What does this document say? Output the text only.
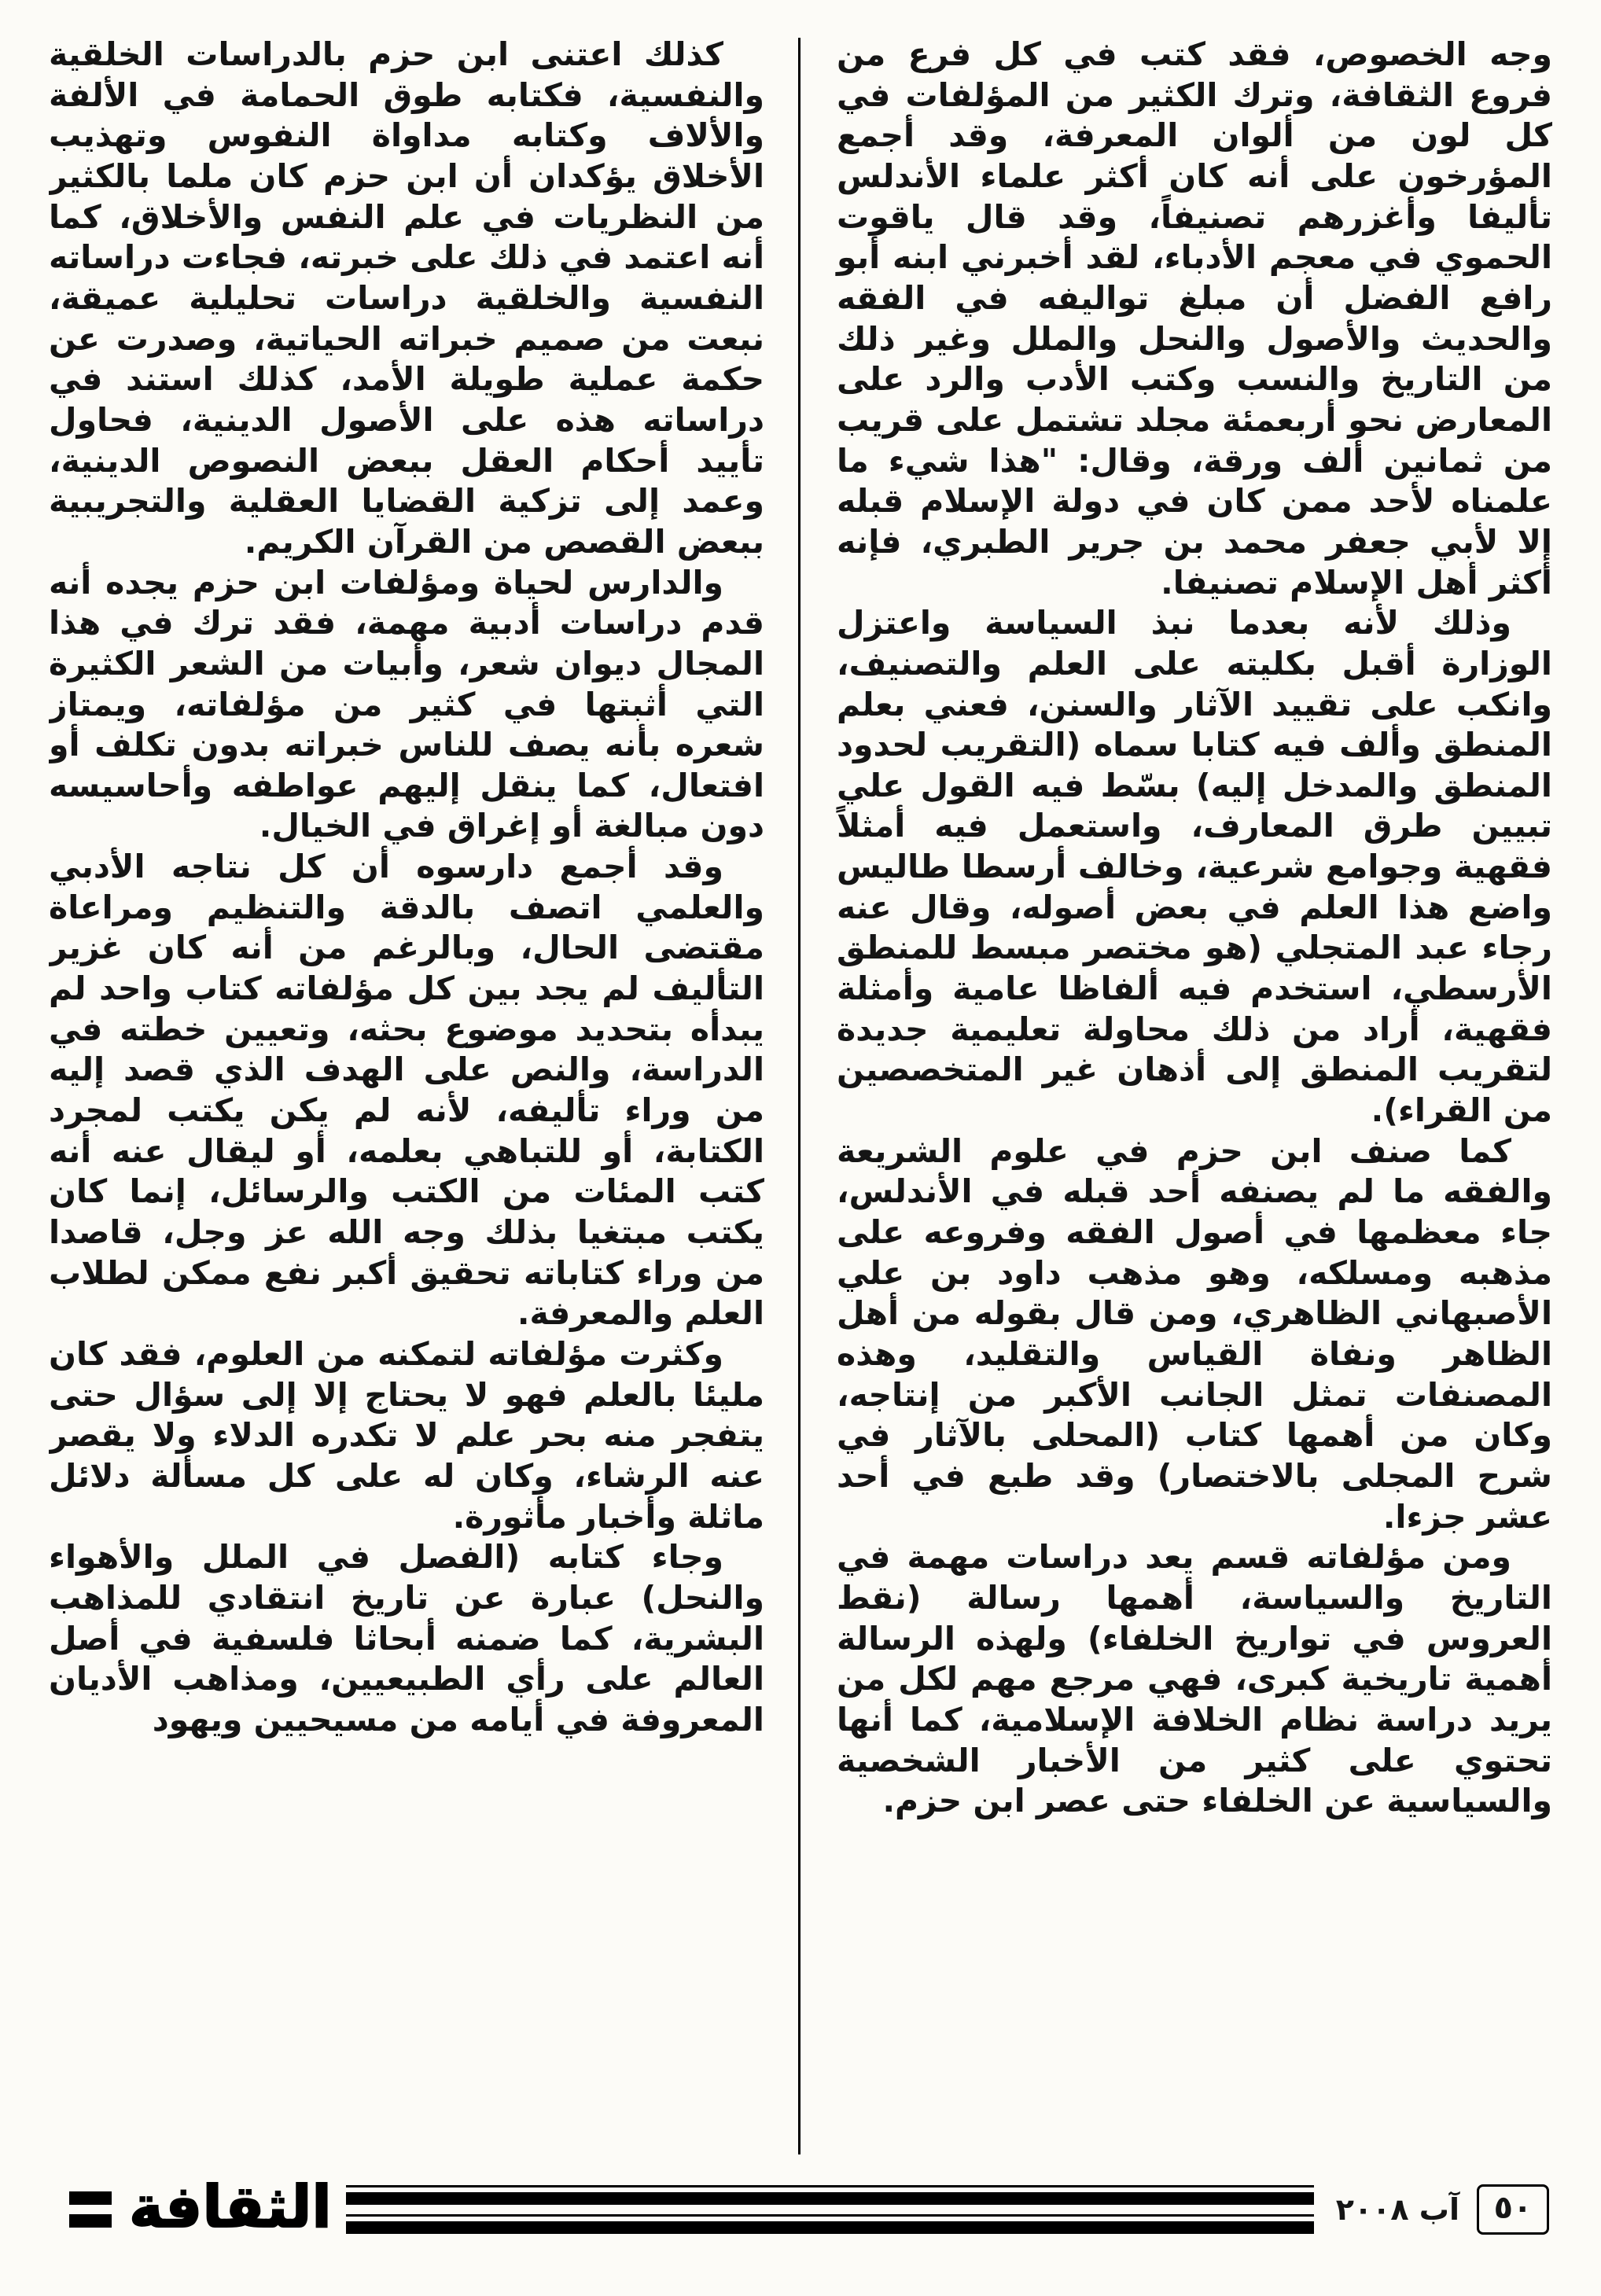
وجه الخصوص، فقد كتب في كل فرع من فروع الثقافة، وترك الكثير من المؤلفات في كل لون من ألوان المعرفة، وقد أجمع المؤرخون على أنه كان أكثر علماء الأندلس تأليفا وأغزرهم تصنيفاً، وقد قال ياقوت الحموي في معجم الأدباء، لقد أخبرني ابنه أبو رافع الفضل أن مبلغ تواليفه في الفقه والحديث والأصول والنحل والملل وغير ذلك من التاريخ والنسب وكتب الأدب والرد على المعارض نحو أربعمئة مجلد تشتمل على قريب من ثمانين ألف ورقة، وقال: "هذا شيء ما علمناه لأحد ممن كان في دولة الإسلام قبله إلا لأبي جعفر محمد بن جرير الطبري، فإنه أكثر أهل الإسلام تصنيفا.

وذلك لأنه بعدما نبذ السياسة واعتزل الوزارة أقبل بكليته على العلم والتصنيف، وانكب على تقييد الآثار والسنن، فعني بعلم المنطق وألف فيه كتابا سماه (التقريب لحدود المنطق والمدخل إليه) بسّط فيه القول علي تبيين طرق المعارف، واستعمل فيه أمثلاً فقهية وجوامع شرعية، وخالف أرسطا طاليس واضع هذا العلم في بعض أصوله، وقال عنه رجاء عبد المتجلي (هو مختصر مبسط للمنطق الأرسطي، استخدم فيه ألفاظا عامية وأمثلة فقهية، أراد من ذلك محاولة تعليمية جديدة لتقريب المنطق إلى أذهان غير المتخصصين من القراء).

كما صنف ابن حزم في علوم الشريعة والفقه ما لم يصنفه أحد قبله في الأندلس، جاء معظمها في أصول الفقه وفروعه على مذهبه ومسلكه، وهو مذهب داود بن علي الأصبهاني الظاهري، ومن قال بقوله من أهل الظاهر ونفاة القياس والتقليد، وهذه المصنفات تمثل الجانب الأكبر من إنتاجه، وكان من أهمها كتاب (المحلى بالآثار في شرح المجلى بالاختصار) وقد طبع في أحد عشر جزءا.

ومن مؤلفاته قسم يعد دراسات مهمة في التاريخ والسياسة، أهمها رسالة (نقط العروس في تواريخ الخلفاء) ولهذه الرسالة أهمية تاريخية كبرى، فهي مرجع مهم لكل من يريد دراسة نظام الخلافة الإسلامية، كما أنها تحتوي على كثير من الأخبار الشخصية والسياسية عن الخلفاء حتى عصر ابن حزم.

كذلك اعتنى ابن حزم بالدراسات الخلقية والنفسية، فكتابه طوق الحمامة في الألفة والألاف وكتابه مداواة النفوس وتهذيب الأخلاق يؤكدان أن ابن حزم كان ملما بالكثير من النظريات في علم النفس والأخلاق، كما أنه اعتمد في ذلك على خبرته، فجاءت دراساته النفسية والخلقية دراسات تحليلية عميقة، نبعت من صميم خبراته الحياتية، وصدرت عن حكمة عملية طويلة الأمد، كذلك استند في دراساته هذه على الأصول الدينية، فحاول تأييد أحكام العقل ببعض النصوص الدينية، وعمد إلى تزكية القضايا العقلية والتجريبية ببعض القصص من القرآن الكريم.

والدارس لحياة ومؤلفات ابن حزم يجده أنه قدم دراسات أدبية مهمة، فقد ترك في هذا المجال ديوان شعر، وأبيات من الشعر الكثيرة التي أثبتها في كثير من مؤلفاته، ويمتاز شعره بأنه يصف للناس خبراته بدون تكلف أو افتعال، كما ينقل إليهم عواطفه وأحاسيسه دون مبالغة أو إغراق في الخيال.

وقد أجمع دارسوه أن كل نتاجه الأدبي والعلمي اتصف بالدقة والتنظيم ومراعاة مقتضى الحال، وبالرغم من أنه كان غزير التأليف لم يجد بين كل مؤلفاته كتاب واحد لم يبدأه بتحديد موضوع بحثه، وتعيين خطته في الدراسة، والنص على الهدف الذي قصد إليه من وراء تأليفه، لأنه لم يكن يكتب لمجرد الكتابة، أو للتباهي بعلمه، أو ليقال عنه أنه كتب المئات من الكتب والرسائل، إنما كان يكتب مبتغيا بذلك وجه الله عز وجل، قاصدا من وراء كتاباته تحقيق أكبر نفع ممكن لطلاب العلم والمعرفة.

وكثرت مؤلفاته لتمكنه من العلوم، فقد كان مليئا بالعلم فهو لا يحتاج إلا إلى سؤال حتى يتفجر منه بحر علم لا تكدره الدلاء ولا يقصر عنه الرشاء، وكان له على كل مسألة دلائل ماثلة وأخبار مأثورة.

وجاء كتابه (الفصل في الملل والأهواء والنحل) عبارة عن تاريخ انتقادي للمذاهب البشرية، كما ضمنه أبحاثا فلسفية في أصل العالم على رأي الطبيعيين، ومذاهب الأديان المعروفة في أيامه من مسيحيين ويهود

الثقافة	آب ٢٠٠٨	٥٠
